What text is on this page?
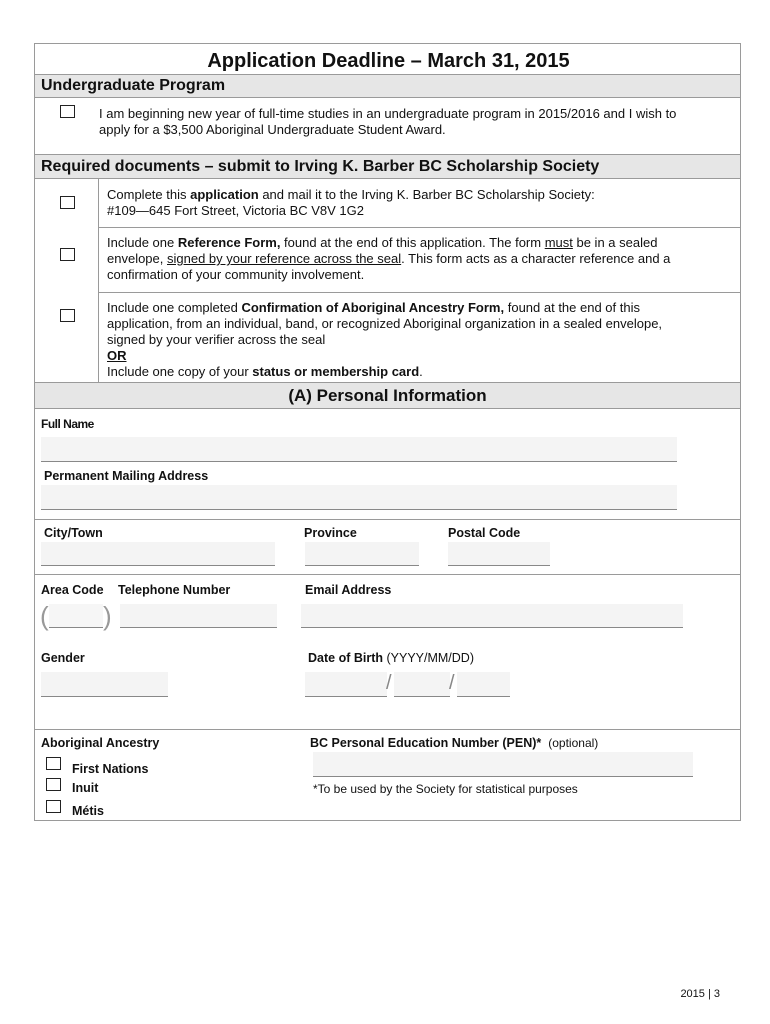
Application Deadline – March 31, 2015
Undergraduate Program
I am beginning new year of full-time studies in an undergraduate program in 2015/2016 and I wish to
apply for a $3,500 Aboriginal Undergraduate Student Award.
Required documents – submit to Irving K. Barber BC Scholarship Society
Complete this application and mail it to the Irving K. Barber BC Scholarship Society:
#109—645 Fort Street, Victoria BC V8V 1G2
Include one Reference Form, found at the end of this application. The form must be in a sealed
envelope, signed by your reference across the seal. This form acts as a character reference and a
confirmation of your community involvement.
Include one completed Confirmation of Aboriginal Ancestry Form, found at the end of this
application, from an individual, band, or recognized Aboriginal organization in a sealed envelope,
signed by your verifier across the seal
OR
Include one copy of your status or membership card.
(A) Personal Information
Full Name
Permanent Mailing Address
City/Town	Province	Postal Code
Area Code Telephone Number
( )
Email Address
Gender	Date of Birth (YYYY/MM/DD)
/	/
Aboriginal Ancestry
First Nations
Inuit
Métis
BC Personal Education Number (PEN)* (optional)
*To be used by the Society for statistical purposes
2015 | 3
